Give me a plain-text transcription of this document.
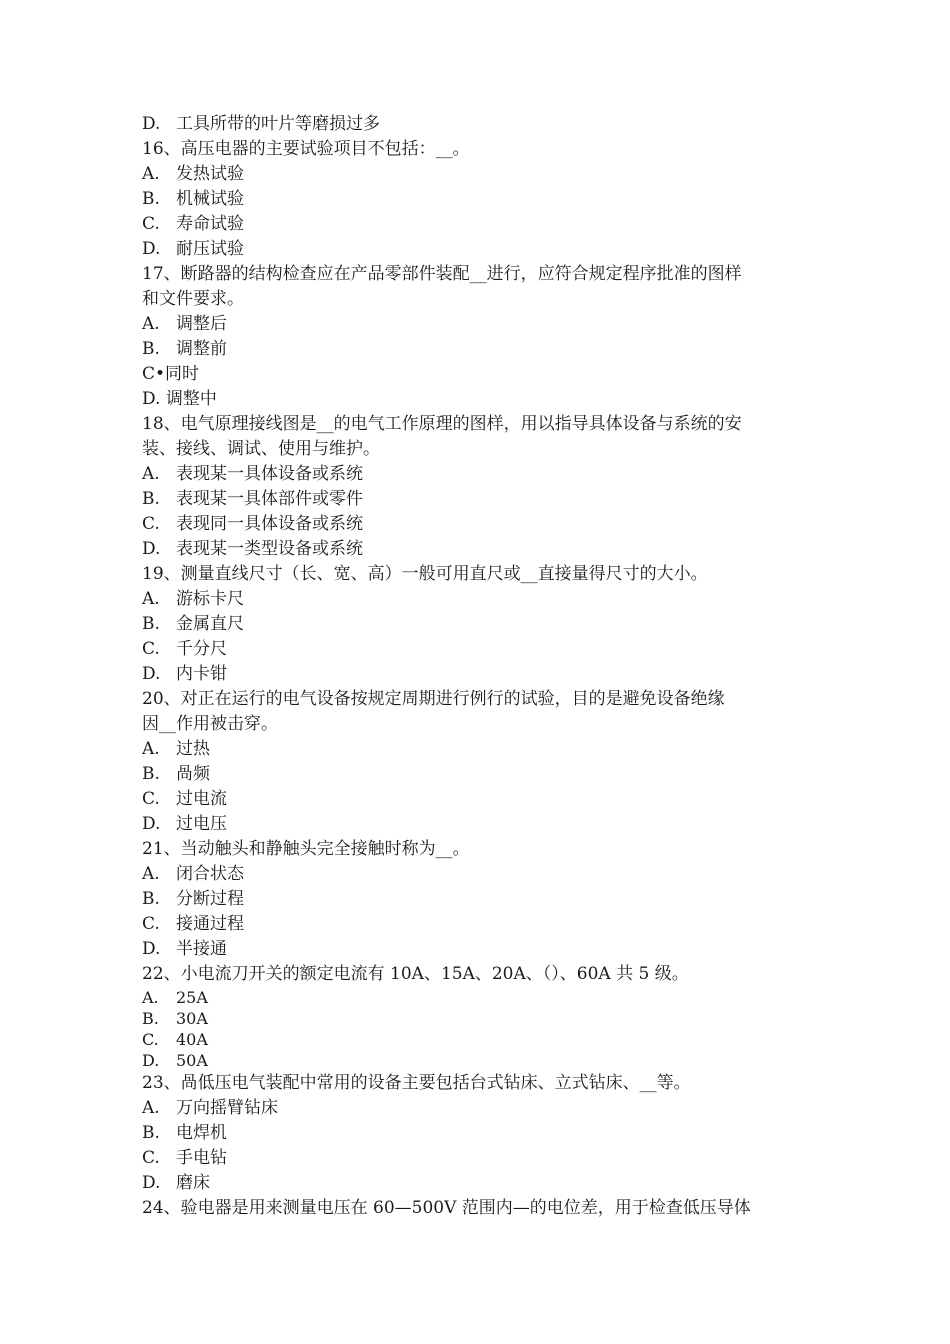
D. 工具所带的叶片等磨损过多
16、高压电器的主要试验项目不包括：__。
A. 发热试验
B. 机械试验
C. 寿命试验
D. 耐压试验
17、断路器的结构检查应在产品零部件装配__进行，应符合规定程序批准的图样
和文件要求。
A. 调整后
B. 调整前
C•同时
D. 调整中
18、电气原理接线图是__的电气工作原理的图样，用以指导具体设备与系统的安
装、接线、调试、使用与维护。
A. 表现某一具体设备或系统
B. 表现某一具体部件或零件
C. 表现同一具体设备或系统
D. 表现某一类型设备或系统
19、测量直线尺寸（长、宽、高）一般可用直尺或__直接量得尺寸的大小。
A. 游标卡尺
B. 金属直尺
C. 千分尺
D. 内卡钳
20、对正在运行的电气设备按规定周期进行例行的试验，目的是避免设备绝缘
因__作用被击穿。
A. 过热
B. 咼频
C. 过电流
D. 过电压
21、当动触头和静触头完全接触时称为__。
A. 闭合状态
B. 分断过程
C. 接通过程
D. 半接通
22、小电流刀开关的额定电流有 10A、15A、20A、（）、60A 共 5 级。
A. 25A
B. 30A
C. 40A
D. 50A
23、咼低压电气装配中常用的设备主要包括台式钻床、立式钻床、__等。
A. 万向摇臂钻床
B. 电焊机
C. 手电钻
D. 磨床
24、验电器是用来测量电压在 60—500V 范围内—的电位差，用于检查低压导体
